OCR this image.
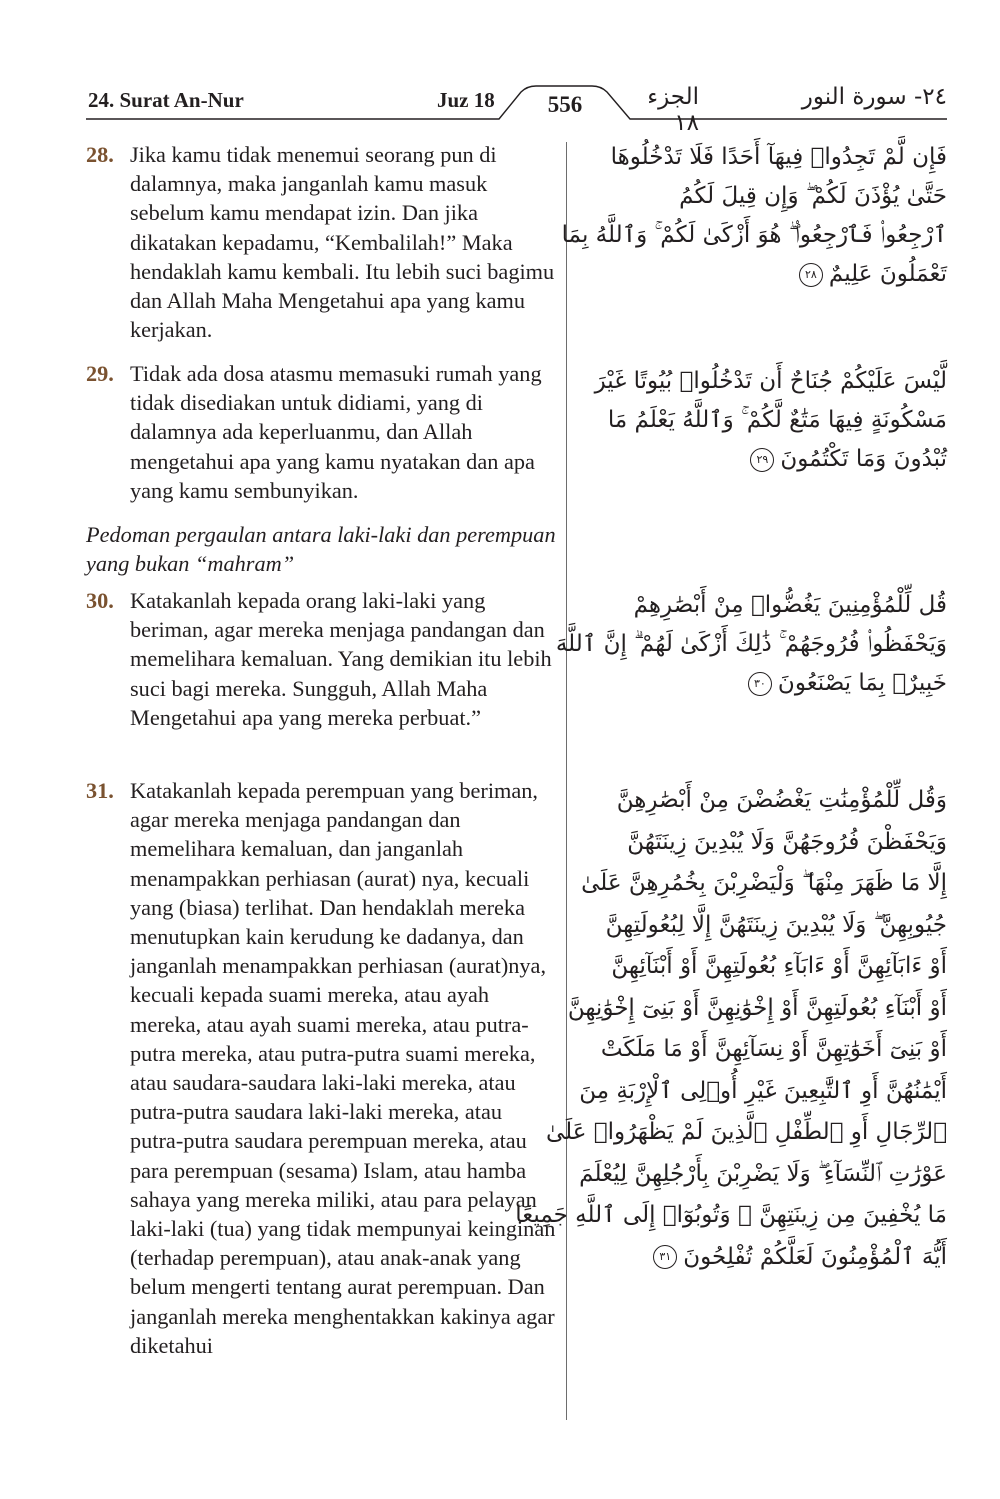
24. Surat An-Nur	Juz 18	556	الجزء ١٨
٢٤- سورة النور
28. Jika kamu tidak menemui seorang pun di dalamnya, maka janganlah kamu masuk sebelum kamu mendapat izin. Dan jika dikatakan kepadamu, “Kembalilah!” Maka hendaklah kamu kembali. Itu lebih suci bagimu dan Allah Maha Mengetahui apa yang kamu kerjakan.
29. Tidak ada dosa atasmu memasuki rumah yang tidak disediakan untuk didiami, yang di dalamnya ada keperluanmu, dan Allah mengetahui apa yang kamu nyatakan dan apa yang kamu sembunyikan.
Pedoman pergaulan antara laki-laki dan perempuan yang bukan “mahram”
30. Katakanlah kepada orang laki-laki yang beriman, agar mereka menjaga pandangan dan memelihara kemaluan. Yang demikian itu lebih suci bagi mereka. Sungguh, Allah Maha Mengetahui apa yang mereka perbuat.”
31. Katakanlah kepada perempuan yang beriman, agar mereka menjaga pandangan dan memelihara kemaluan, dan janganlah menampakkan perhiasan (aurat) nya, kecuali yang (biasa) terlihat. Dan hendaklah mereka menutupkan kain kerudung ke dadanya, dan janganlah menampakkan perhiasan (aurat)nya, kecuali kepada suami mereka, atau ayah mereka, atau ayah suami mereka, atau putra-putra mereka, atau putra-putra suami mereka, atau saudara-saudara laki-laki mereka, atau putra-putra saudara laki-laki mereka, atau putra-putra saudara perempuan mereka, atau para perempuan (sesama) Islam, atau hamba sahaya yang mereka miliki, atau para pelayan laki-laki (tua) yang tidak mempunyai keinginan (terhadap perempuan), atau anak-anak yang belum mengerti tentang aurat perempuan. Dan janganlah mereka menghentakkan kakinya agar diketahui
فَإِن لَّمْ تَجِدُوا۟ فِيهَآ أَحَدًا فَلَا تَدْخُلُوهَا
حَتَّىٰ يُؤْذَنَ لَكُمْ ۖ وَإِن قِيلَ لَكُمُ
ٱرْجِعُوا۟ فَٱرْجِعُوا۟ ۖ هُوَ أَزْكَىٰ لَكُمْ ۚ وَٱللَّهُ بِمَا
تَعْمَلُونَ عَلِيمٌ٢٨
لَّيْسَ عَلَيْكُمْ جُنَاحٌ أَن تَدْخُلُوا۟ بُيُوتًا غَيْرَ
مَسْكُونَةٍ فِيهَا مَتَٰعٌ لَّكُمْ ۚ وَٱللَّهُ يَعْلَمُ مَا
تُبْدُونَ وَمَا تَكْتُمُونَ٢٩
قُل لِّلْمُؤْمِنِينَ يَغُضُّوا۟ مِنْ أَبْصَٰرِهِمْ
وَيَحْفَظُوا۟ فُرُوجَهُمْ ۚ ذَٰلِكَ أَزْكَىٰ لَهُمْ ۗ إِنَّ ٱللَّهَ
خَبِيرٌۢ بِمَا يَصْنَعُونَ٣٠
وَقُل لِّلْمُؤْمِنَٰتِ يَغْضُضْنَ مِنْ أَبْصَٰرِهِنَّ
وَيَحْفَظْنَ فُرُوجَهُنَّ وَلَا يُبْدِينَ زِينَتَهُنَّ
إِلَّا مَا ظَهَرَ مِنْهَا ۖ وَلْيَضْرِبْنَ بِخُمُرِهِنَّ عَلَىٰ
جُيُوبِهِنَّ ۖ وَلَا يُبْدِينَ زِينَتَهُنَّ إِلَّا لِبُعُولَتِهِنَّ
أَوْ ءَابَآئِهِنَّ أَوْ ءَابَآءِ بُعُولَتِهِنَّ أَوْ أَبْنَآئِهِنَّ
أَوْ أَبْنَآءِ بُعُولَتِهِنَّ أَوْ إِخْوَٰنِهِنَّ أَوْ بَنِىٓ إِخْوَٰنِهِنَّ
أَوْ بَنِىٓ أَخَوَٰتِهِنَّ أَوْ نِسَآئِهِنَّ أَوْ مَا مَلَكَتْ
أَيْمَٰنُهُنَّ أَوِ ٱلتَّٰبِعِينَ غَيْرِ أُو۟لِى ٱلْإِرْبَةِ مِنَ
ٱلرِّجَالِ أَوِ ٱلطِّفْلِ ٱلَّذِينَ لَمْ يَظْهَرُوا۟ عَلَىٰ
عَوْرَٰتِ ٱلنِّسَآءِ ۖ وَلَا يَضْرِبْنَ بِأَرْجُلِهِنَّ لِيُعْلَمَ
مَا يُخْفِينَ مِن زِينَتِهِنَّ ۚ وَتُوبُوٓا۟ إِلَى ٱللَّهِ جَمِيعًا
أَيُّهَ ٱلْمُؤْمِنُونَ لَعَلَّكُمْ تُفْلِحُونَ٣١
